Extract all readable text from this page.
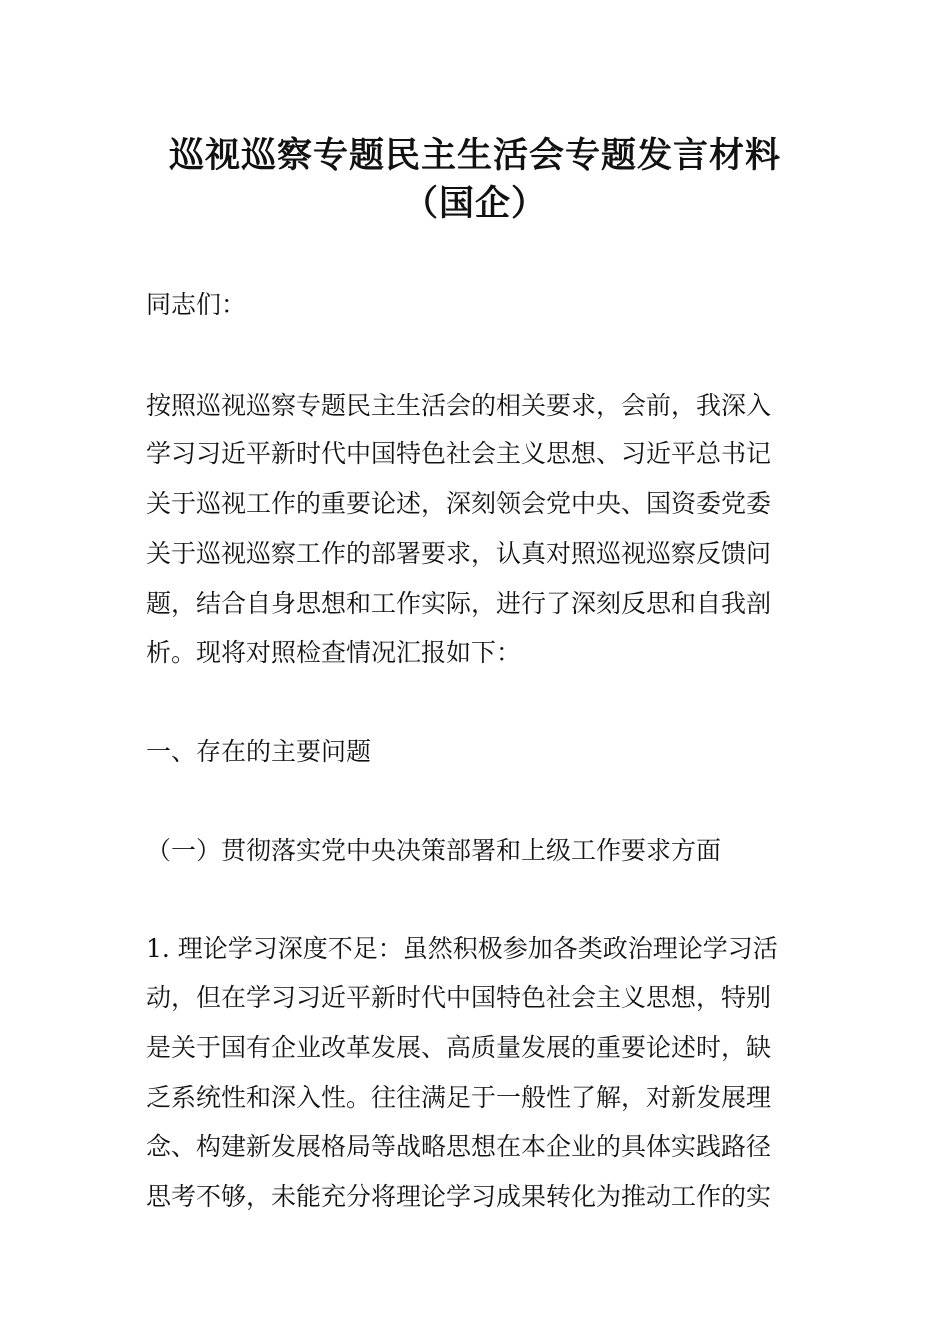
巡视巡察专题民主生活会专题发言材料
（国企）
同志们：
按照巡视巡察专题民主生活会的相关要求，会前，我深入
学习习近平新时代中国特色社会主义思想、习近平总书记
关于巡视工作的重要论述，深刻领会党中央、国资委党委
关于巡视巡察工作的部署要求，认真对照巡视巡察反馈问
题，结合自身思想和工作实际，进行了深刻反思和自我剖
析。现将对照检查情况汇报如下：
一、存在的主要问题
（一）贯彻落实党中央决策部署和上级工作要求方面
1. 理论学习深度不足：虽然积极参加各类政治理论学习活
动，但在学习习近平新时代中国特色社会主义思想，特别
是关于国有企业改革发展、高质量发展的重要论述时，缺
乏系统性和深入性。往往满足于一般性了解，对新发展理
念、构建新发展格局等战略思想在本企业的具体实践路径
思考不够，未能充分将理论学习成果转化为推动工作的实
